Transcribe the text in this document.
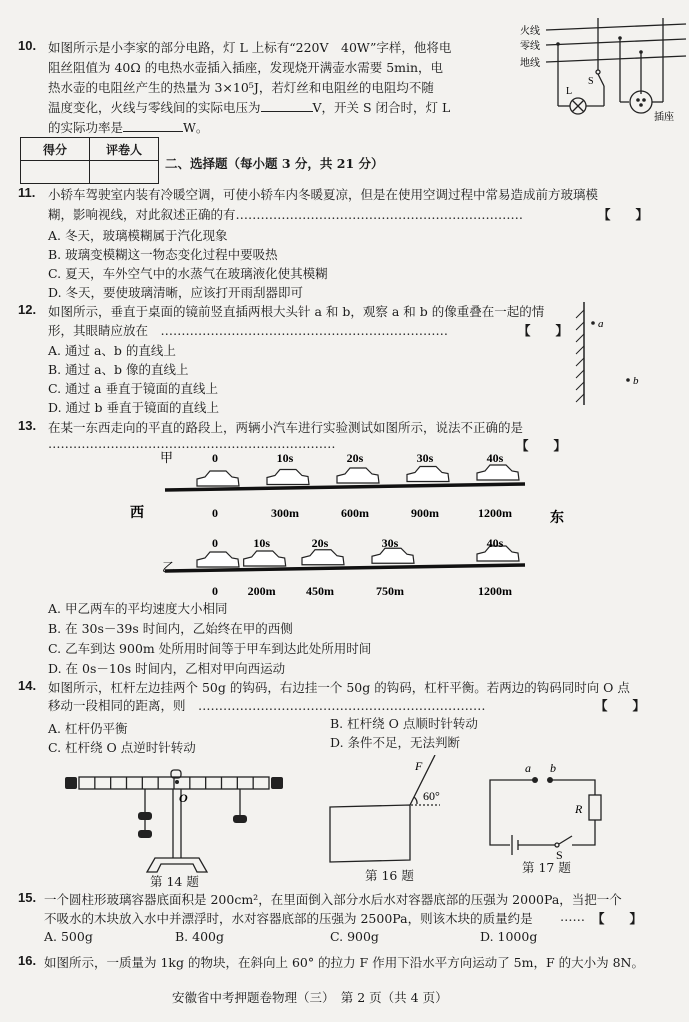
10. 如图所示是小李家的部分电路，灯 L 上标有“220V　40W”字样，他将电
阻丝阻值为 40Ω 的电热水壶插入插座，发现烧开满壶水需要 5min，电
热水壶的电阻丝产生的热量为 3×10⁵J，若灯丝和电阻丝的电阻均不随
温度变化，火线与零线间的实际电压为	V，开关 S 闭合时，灯 L
的实际功率是	W。
火线
零线
地线
S
L
插座
得分	评卷人

二、选择题（每小题 3 分，共 21 分）
11. 小轿车驾驶室内装有冷暖空调，可使小轿车内冬暖夏凉，但是在使用空调过程中常易造成前方玻璃模
糊，影响视线，对此叙述正确的有……………………………………………………………	【　　】
A. 冬天，玻璃模糊属于汽化现象
B. 玻璃变模糊这一物态变化过程中要吸热
C. 夏天，车外空气中的水蒸气在玻璃液化使其模糊
D. 冬天，要使玻璃清晰，应该打开雨刮器即可
12. 如图所示，垂直于桌面的镜前竖直插两根大头针 a 和 b，观察 a 和 b 的像重叠在一起的情
形，其眼睛应放在　 ……………………………………………………………	【　　】
A. 通过 a、b 的直线上
B. 通过 a、b 像的直线上
C. 通过 a 垂直于镜面的直线上
D. 通过 b 垂直于镜面的直线上
a
b
13. 在某一东西走向的平直的路段上，两辆小汽车进行实验测试如图所示，说法不正确的是
……………………………………………………………	【　　】
西	东
甲
乙
0
0
10s
300m
20s
600m
30s
900m
40s
1200m
0
0
10s
200m
20s
450m
30s
750m
40s
1200m
A. 甲乙两车的平均速度大小相同
B. 在 30s－39s 时间内，乙始终在甲的西侧
C. 乙车到达 900m 处所用时间等于甲车到达此处所用时间
D. 在 0s－10s 时间内，乙相对甲向西运动
14. 如图所示，杠杆左边挂两个 50g 的钩码，右边挂一个 50g 的钩码，杠杆平衡。若两边的钩码同时向 O 点
移动一段相同的距离，则　 ……………………………………………………………	【　　】
A. 杠杆仍平衡	B. 杠杆绕 O 点顺时针转动
C. 杠杆绕 O 点逆时针转动	D. 条件不足，无法判断
O
第 14 题
F
60°
第 16 题
a b
R
S
第 17 题
15. 一个圆柱形玻璃容器底面积是 200cm²，在里面倒入部分水后水对容器底部的压强为 2000Pa，当把一个
不吸水的木块放入水中并漂浮时，水对容器底部的压强为 2500Pa，则该木块的质量约是 …… 【　　】
A. 500g	B. 400g	C. 900g	D. 1000g
16. 如图所示，一质量为 1kg 的物块，在斜向上 60° 的拉力 F 作用下沿水平方向运动了 5m，F 的大小为 8N。
安徽省中考押题卷物理（三）　 第 2 页（共 4 页）
